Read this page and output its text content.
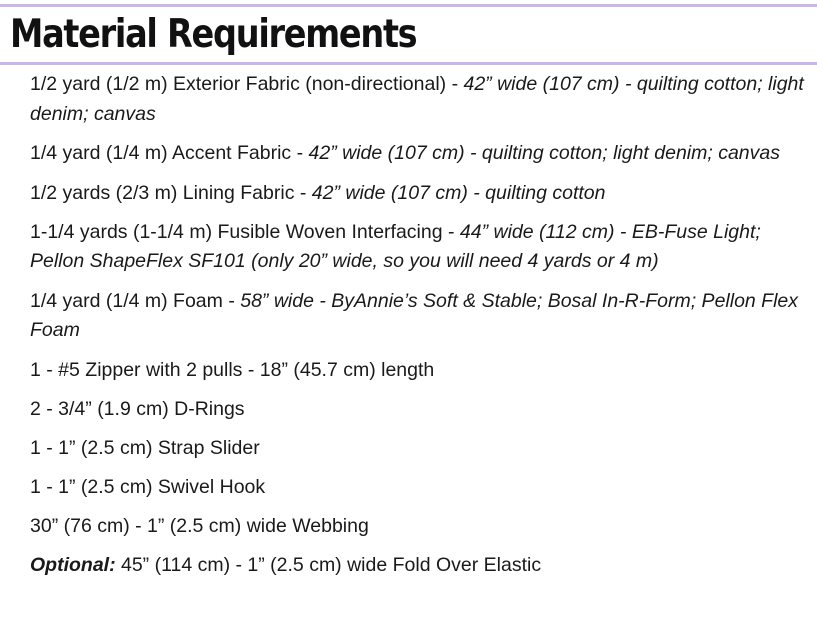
Material Requirements
1/2 yard (1/2 m) Exterior Fabric (non-directional) - 42” wide (107 cm) - quilting cotton; light denim; canvas
1/4 yard (1/4 m) Accent Fabric - 42” wide (107 cm) - quilting cotton; light denim; canvas
1/2 yards (2/3 m) Lining Fabric - 42” wide (107 cm) - quilting cotton
1-1/4 yards (1-1/4 m) Fusible Woven Interfacing - 44” wide (112 cm) - EB-Fuse Light; Pellon ShapeFlex SF101 (only 20” wide, so you will need 4 yards or 4 m)
1/4 yard (1/4 m) Foam - 58” wide - ByAnnie’s Soft & Stable; Bosal In-R-Form; Pellon Flex Foam
1 - #5 Zipper with 2 pulls - 18” (45.7 cm) length
2 - 3/4” (1.9 cm) D-Rings
1 - 1” (2.5 cm) Strap Slider
1 - 1” (2.5 cm) Swivel Hook
30” (76 cm) - 1” (2.5 cm) wide Webbing
Optional: 45” (114 cm) - 1” (2.5 cm) wide Fold Over Elastic
